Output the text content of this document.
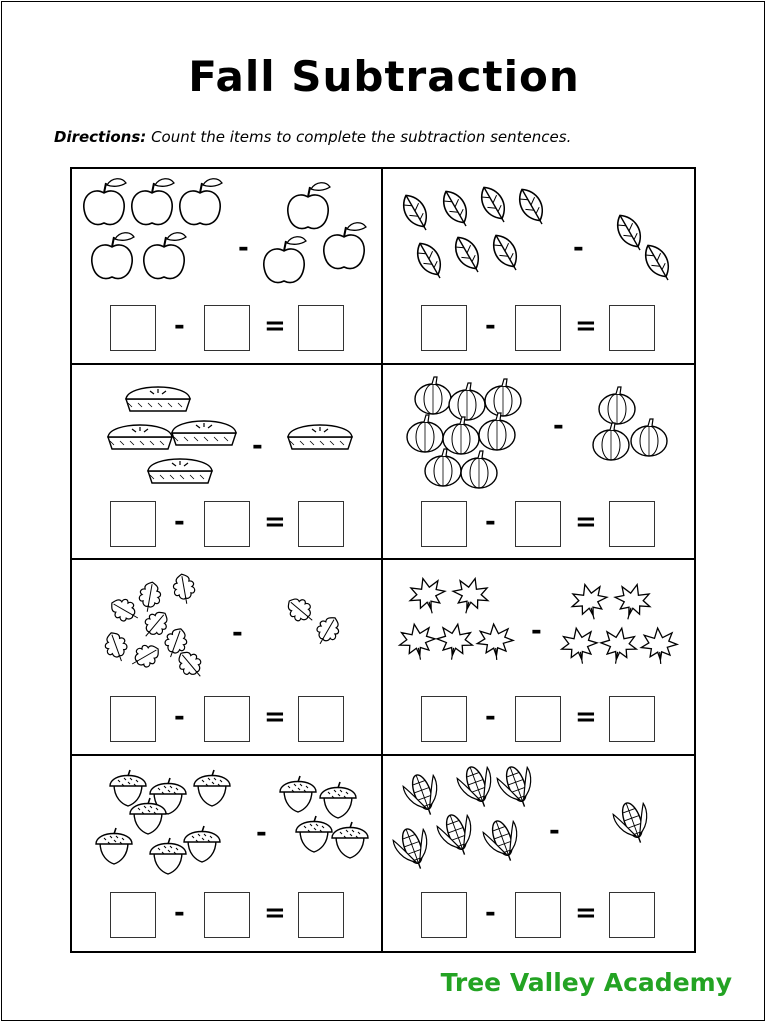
Fall Subtraction
Directions: Count the items to complete the subtraction sentences.
-
-	=
-
-	=
-
-	=
-
-	=
-
-	=
-
-	=
-
-	=
-
-	=
Tree Valley Academy
